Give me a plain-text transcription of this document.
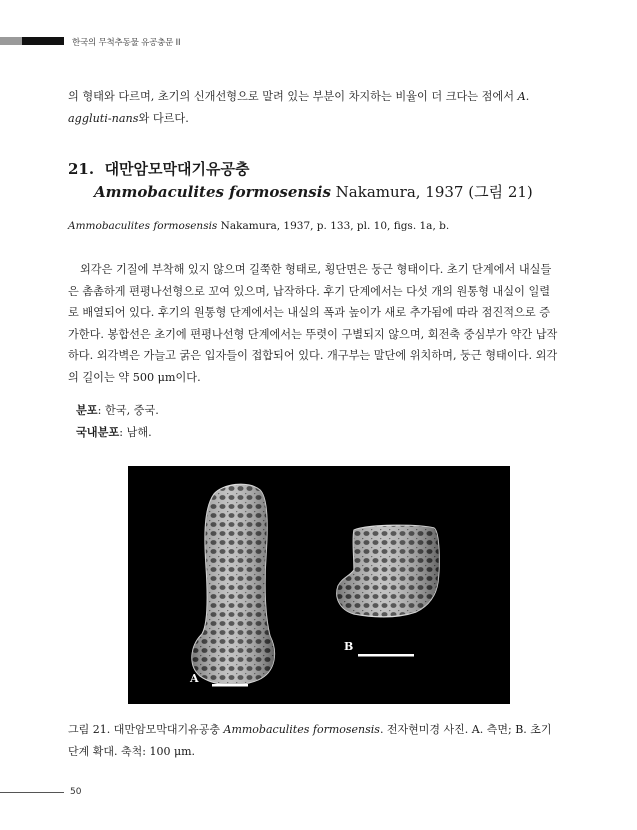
한국의 무척추동물 유공충문 II

의 형태와 다르며, 초기의 신개선형으로 말려 있는 부분이 차지하는 비율이 더 크다는 점에서 A. aggluti-nans와 다르다.

21. 대만암모막대기유공충

Ammobaculites formosensis Nakamura, 1937 (그림 21)

Ammobaculites formosensis Nakamura, 1937, p. 133, pl. 10, figs. 1a, b.

외각은 기질에 부착해 있지 않으며 길쭉한 형태로, 횡단면은 둥근 형태이다. 초기 단계에서 내실들은 촘촘하게 편평나선형으로 꼬여 있으며, 납작하다. 후기 단계에서는 다섯 개의 원통형 내실이 일렬로 배열되어 있다. 후기의 원통형 단계에서는 내실의 폭과 높이가 새로 추가됨에 따라 점진적으로 증가한다. 봉합선은 초기에 편평나선형 단계에서는 뚜렷이 구별되지 않으며, 회전축 중심부가 약간 납작하다. 외각벽은 가늘고 굵은 입자들이 접합되어 있다. 개구부는 말단에 위치하며, 둥근 형태이다. 외각의 길이는 약 500 μm이다.

분포: 한국, 중국.

국내분포: 남해.

B
A

그림 21. 대만암모막대기유공충 Ammobaculites formosensis. 전자현미경 사진. A. 측면; B. 초기단계 확대. 축척: 100 μm.

50
